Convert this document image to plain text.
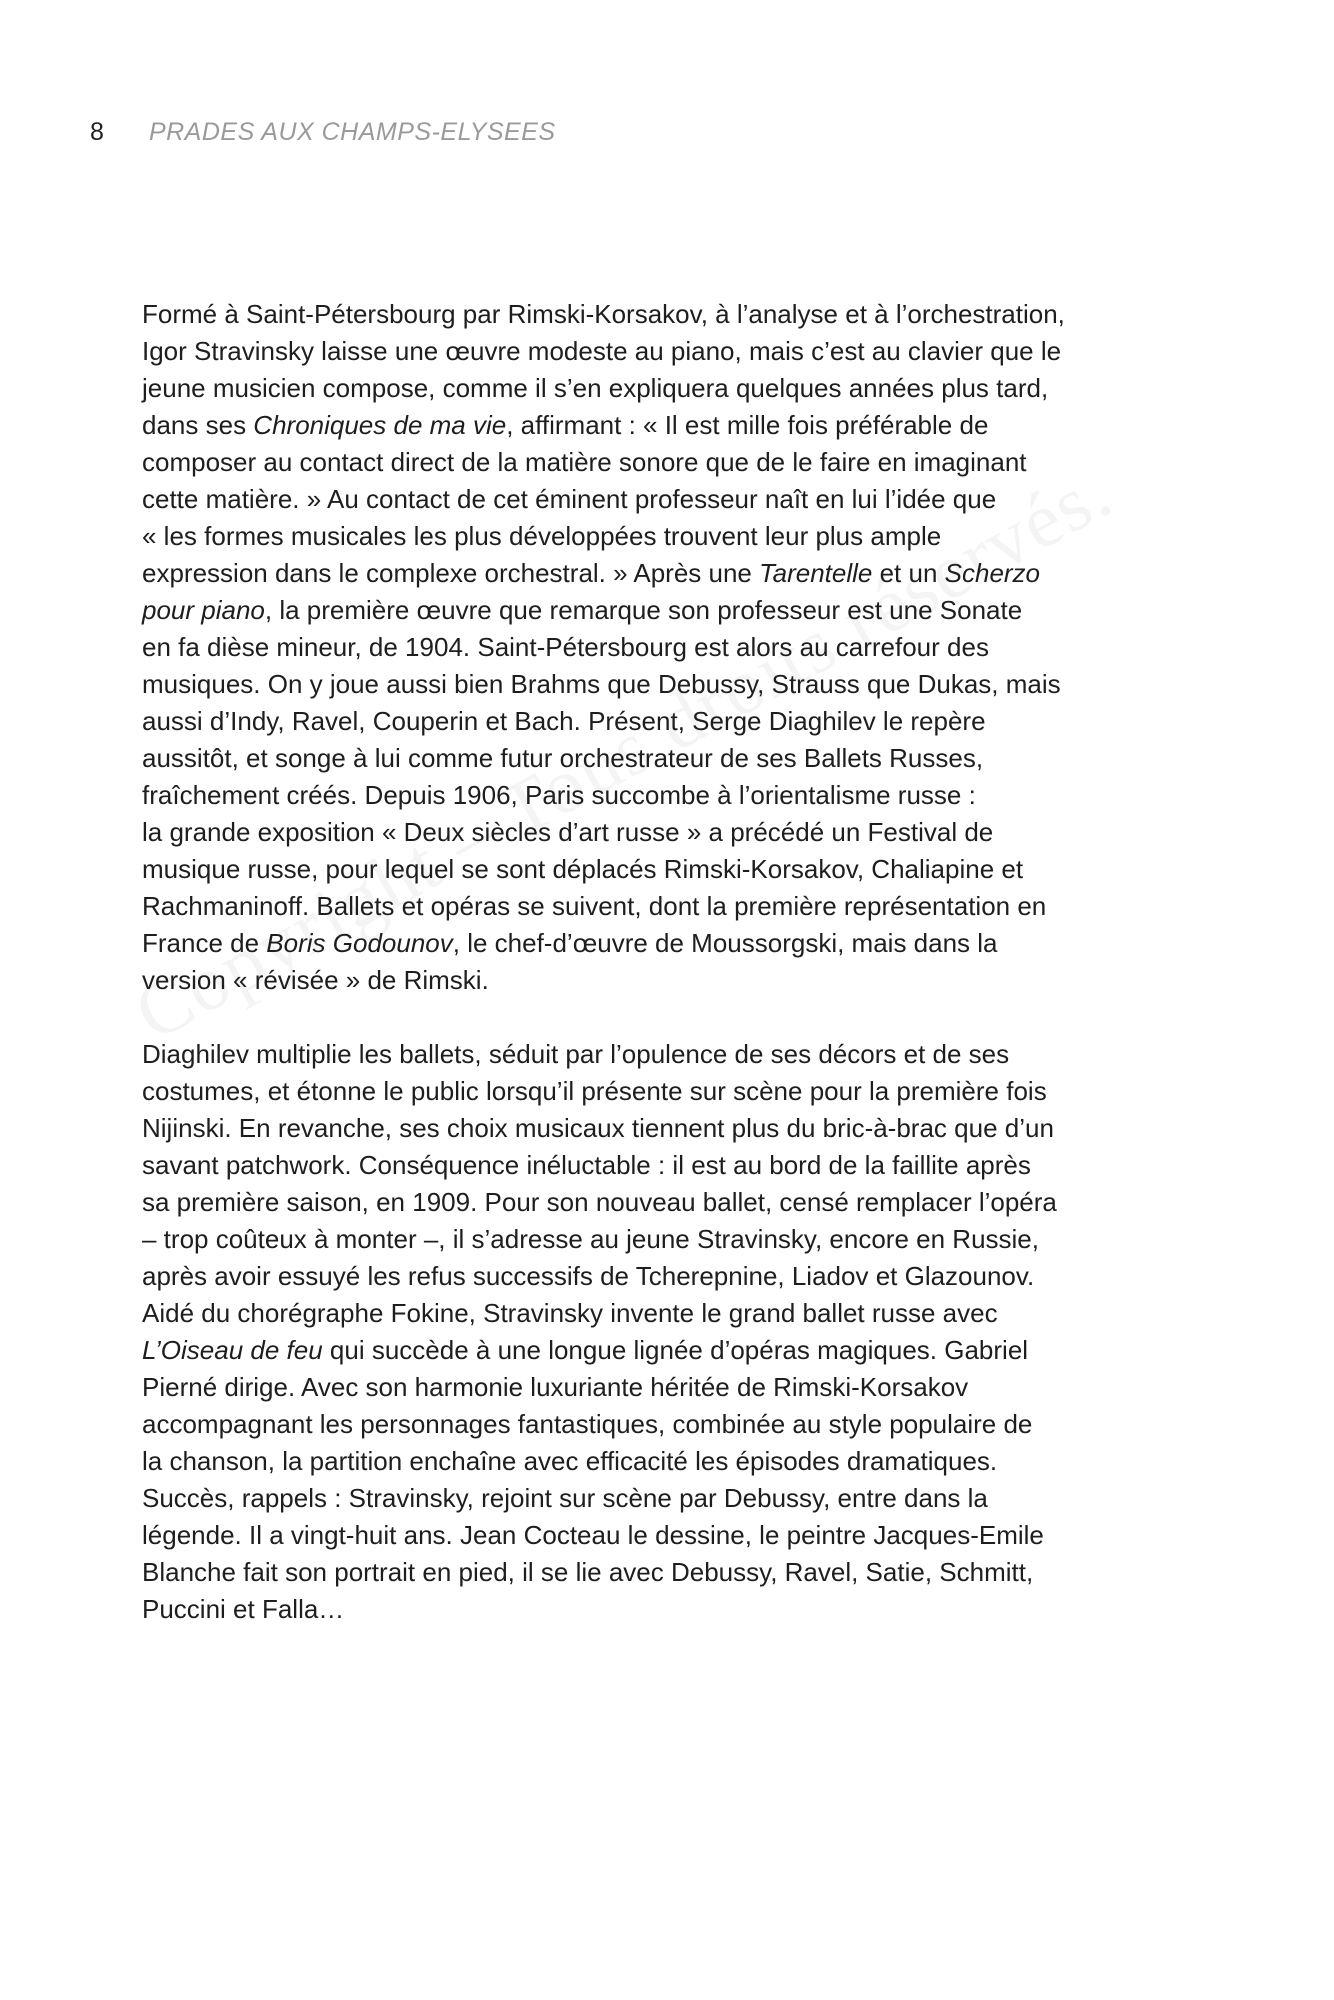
8 PRADES AUX CHAMPS-ELYSEES

Formé à Saint-Pétersbourg par Rimski-Korsakov, à l’analyse et à l’orchestration,
Igor Stravinsky laisse une œuvre modeste au piano, mais c’est au clavier que le
jeune musicien compose, comme il s’en expliquera quelques années plus tard,
dans ses Chroniques de ma vie, affirmant : « Il est mille fois préférable de
composer au contact direct de la matière sonore que de le faire en imaginant
cette matière. » Au contact de cet éminent professeur naît en lui l’idée que
« les formes musicales les plus développées trouvent leur plus ample
expression dans le complexe orchestral. » Après une Tarentelle et un Scherzo
pour piano, la première œuvre que remarque son professeur est une Sonate
en fa dièse mineur, de 1904. Saint-Pétersbourg est alors au carrefour des
musiques. On y joue aussi bien Brahms que Debussy, Strauss que Dukas, mais
aussi d’Indy, Ravel, Couperin et Bach. Présent, Serge Diaghilev le repère
aussitôt, et songe à lui comme futur orchestrateur de ses Ballets Russes,
fraîchement créés. Depuis 1906, Paris succombe à l’orientalisme russe :
la grande exposition « Deux siècles d’art russe » a précédé un Festival de
musique russe, pour lequel se sont déplacés Rimski-Korsakov, Chaliapine et
Rachmaninoff. Ballets et opéras se suivent, dont la première représentation en
France de Boris Godounov, le chef-d’œuvre de Moussorgski, mais dans la
version « révisée » de Rimski.

Diaghilev multiplie les ballets, séduit par l’opulence de ses décors et de ses
costumes, et étonne le public lorsqu’il présente sur scène pour la première fois
Nijinski. En revanche, ses choix musicaux tiennent plus du bric-à-brac que d’un
savant patchwork. Conséquence inéluctable : il est au bord de la faillite après
sa première saison, en 1909. Pour son nouveau ballet, censé remplacer l’opéra
– trop coûteux à monter –, il s’adresse au jeune Stravinsky, encore en Russie,
après avoir essuyé les refus successifs de Tcherepnine, Liadov et Glazounov.
Aidé du chorégraphe Fokine, Stravinsky invente le grand ballet russe avec
L’Oiseau de feu qui succède à une longue lignée d’opéras magiques. Gabriel
Pierné dirige. Avec son harmonie luxuriante héritée de Rimski-Korsakov
accompagnant les personnages fantastiques, combinée au style populaire de
la chanson, la partition enchaîne avec efficacité les épisodes dramatiques.
Succès, rappels : Stravinsky, rejoint sur scène par Debussy, entre dans la
légende. Il a vingt-huit ans. Jean Cocteau le dessine, le peintre Jacques-Emile
Blanche fait son portrait en pied, il se lie avec Debussy, Ravel, Satie, Schmitt,
Puccini et Falla…
